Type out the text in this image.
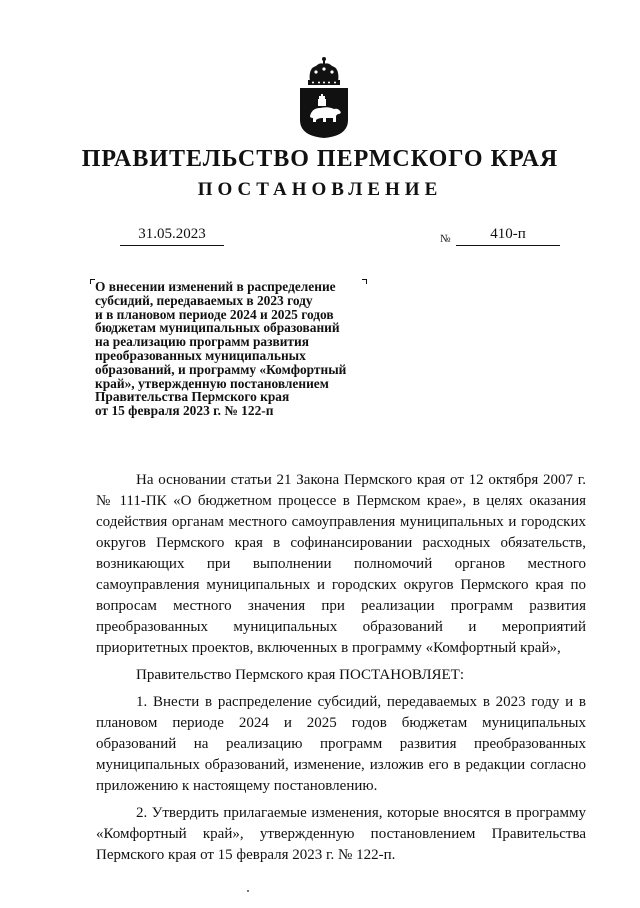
ПРАВИТЕЛЬСТВО ПЕРМСКОГО КРАЯ
ПОСТАНОВЛЕНИЕ
31.05.2023	№	410-п
О внесении изменений в распределение
субсидий, передаваемых в 2023 году
и в плановом периоде 2024 и 2025 годов
бюджетам муниципальных образований
на реализацию программ развития
преобразованных муниципальных
образований, и программу «Комфортный
край», утвержденную постановлением
Правительства Пермского края
от 15 февраля 2023 г. № 122-п

На основании статьи 21 Закона Пермского края от 12 октября 2007 г. № 111-ПК «О бюджетном процессе в Пермском крае», в целях оказания содействия органам местного самоуправления муниципальных и городских округов Пермского края в софинансировании расходных обязательств, возникающих при выполнении полномочий органов местного самоуправления муниципальных и городских округов Пермского края по вопросам местного значения при реализации программ развития преобразованных муниципальных образований и мероприятий приоритетных проектов, включенных в программу «Комфортный край»,

Правительство Пермского края ПОСТАНОВЛЯЕТ:

1. Внести в распределение субсидий, передаваемых в 2023 году и в плановом периоде 2024 и 2025 годов бюджетам муниципальных образований на реализацию программ развития преобразованных муниципальных образований, изменение, изложив его в редакции согласно приложению к настоящему постановлению.

2. Утвердить прилагаемые изменения, которые вносятся в программу «Комфортный край», утвержденную постановлением Правительства Пермского края от 15 февраля 2023 г. № 122-п.
